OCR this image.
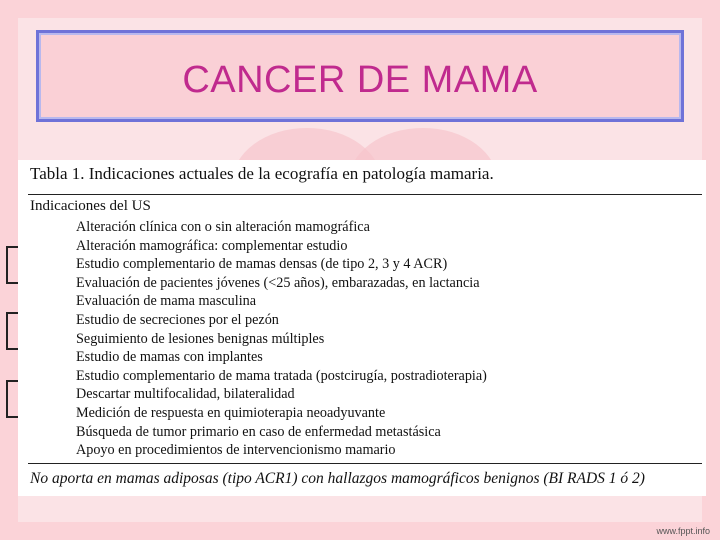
CANCER DE MAMA
Tabla 1. Indicaciones actuales de la ecografía en patología mamaria.
Indicaciones del US
Alteración clínica con o sin alteración mamográfica
Alteración mamográfica: complementar estudio
Estudio complementario de mamas densas (de tipo 2, 3 y 4 ACR)
Evaluación de pacientes jóvenes (<25 años), embarazadas, en lactancia
Evaluación de mama masculina
Estudio de secreciones por el pezón
Seguimiento de lesiones benignas múltiples
Estudio de mamas con implantes
Estudio complementario de mama tratada (postcirugía, postradioterapia)
Descartar multifocalidad, bilateralidad
Medición de respuesta en quimioterapia neoadyuvante
Búsqueda de tumor primario en caso de enfermedad metastásica
Apoyo en procedimientos de intervencionismo mamario
No aporta en mamas adiposas (tipo ACR1) con hallazgos mamográficos benignos (BI RADS 1 ó 2)
www.fppt.info
